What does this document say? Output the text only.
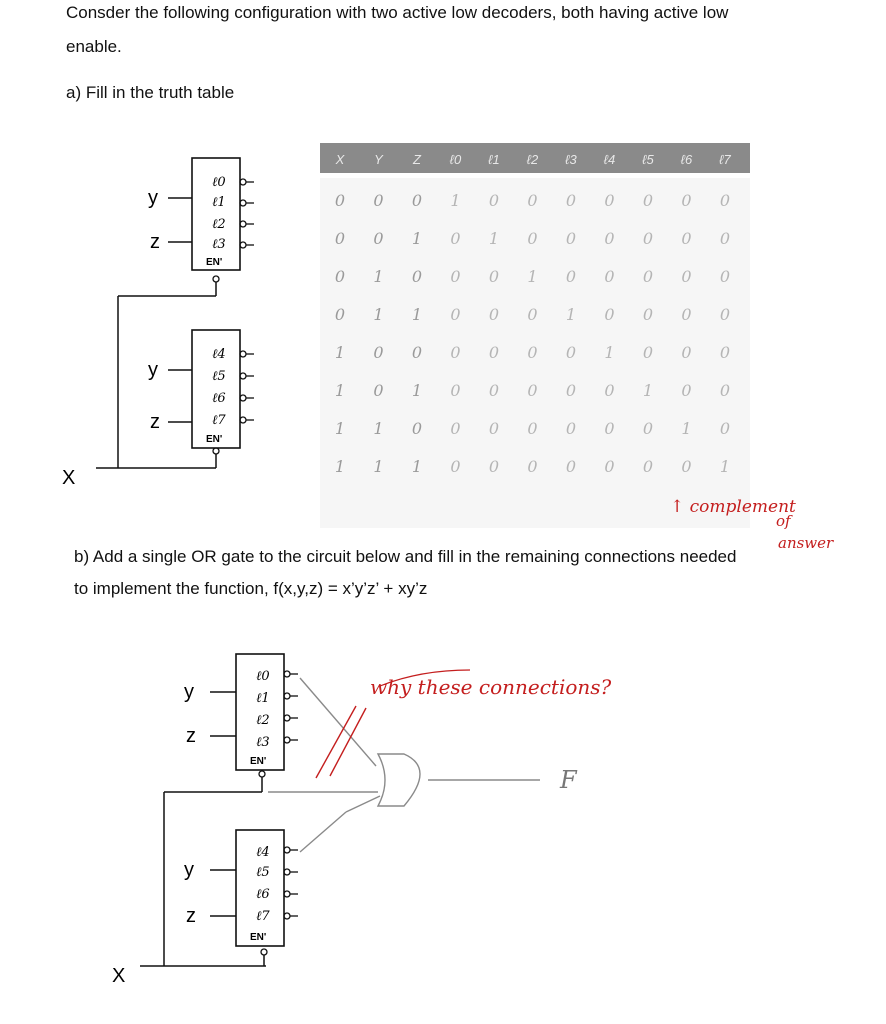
Consder the following configuration with two active low decoders, both having active low

enable.

a) Fill in the truth table

y
z
ℓ0
ℓ1
ℓ2
ℓ3
EN'
y
z
ℓ4
ℓ5
ℓ6
ℓ7
EN'
X
X Y Z ℓ0 ℓ1 ℓ2 ℓ3 ℓ4 ℓ5 ℓ6 ℓ7
0 0 0 1 0 0 0 0 0 0 0
0 0 1 0 1 0 0 0 0 0 0
0 1 0 0 0 1 0 0 0 0 0
0 1 1 0 0 0 1 0 0 0 0
1 0 0 0 0 0 0 1 0 0 0
1 0 1 0 0 0 0 0 1 0 0
1 1 0 0 0 0 0 0 0 1 0
1 1 1 0 0 0 0 0 0 0 1
↑ complement
of
answer

b) Add a single OR gate to the circuit below and fill in the remaining connections needed

to implement the function, f(x,y,z) = x’y’z’ + xy’z

y
z
ℓ0
ℓ1
ℓ2
ℓ3
EN'
y
z
ℓ4
ℓ5
ℓ6
ℓ7
EN'
X
why these connections?
F
